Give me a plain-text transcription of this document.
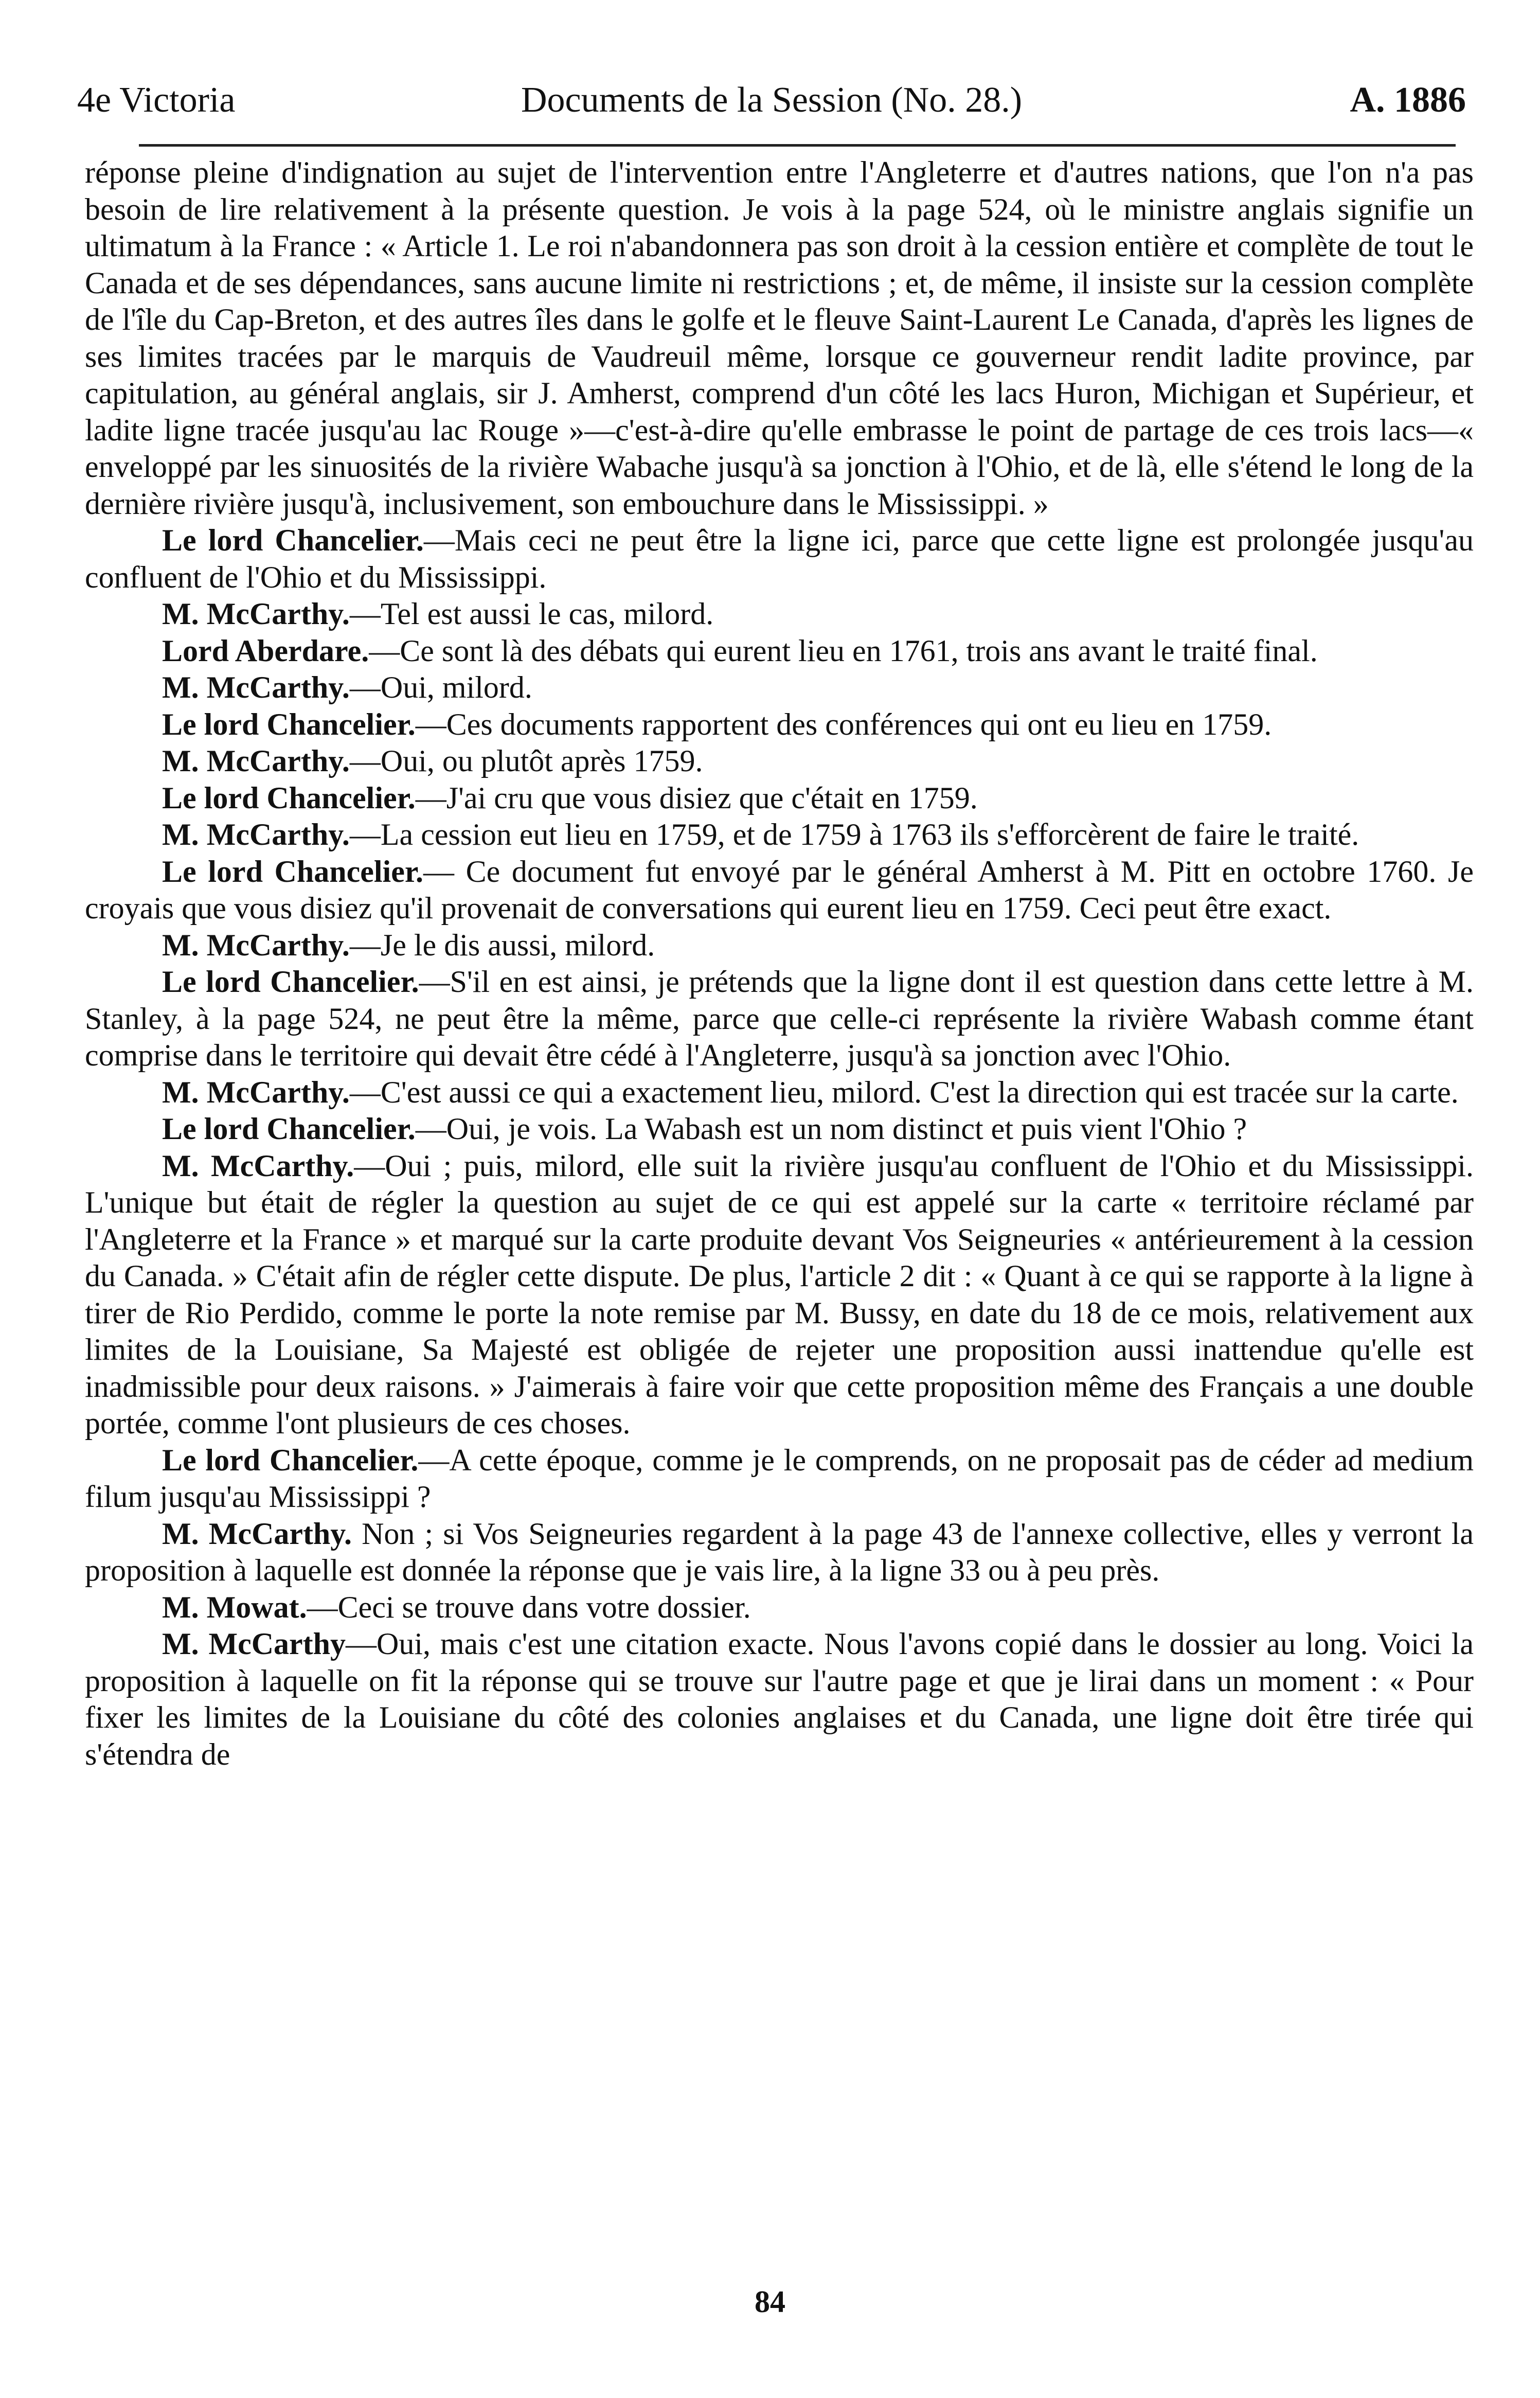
4e Victoria	Documents de la Session (No. 28.)	A. 1886

réponse pleine d'indignation au sujet de l'intervention entre l'Angleterre et d'autres nations, que l'on n'a pas besoin de lire relativement à la présente question. Je vois à la page 524, où le ministre anglais signifie un ultimatum à la France : « Article 1. Le roi n'abandonnera pas son droit à la cession entière et complète de tout le Canada et de ses dépendances, sans aucune limite ni restrictions ; et, de même, il insiste sur la cession complète de l'île du Cap-Breton, et des autres îles dans le golfe et le fleuve Saint-Laurent Le Canada, d'après les lignes de ses limites tracées par le marquis de Vaudreuil même, lorsque ce gouverneur rendit ladite province, par capitulation, au général anglais, sir J. Amherst, comprend d'un côté les lacs Huron, Michigan et Supérieur, et ladite ligne tracée jusqu'au lac Rouge »—c'est-à-dire qu'elle embrasse le point de partage de ces trois lacs—« enveloppé par les sinuosités de la rivière Wabache jusqu'à sa jonction à l'Ohio, et de là, elle s'étend le long de la dernière rivière jusqu'à, inclusivement, son embouchure dans le Mississippi. »

Le lord Chancelier.—Mais ceci ne peut être la ligne ici, parce que cette ligne est prolongée jusqu'au confluent de l'Ohio et du Mississippi.

M. McCarthy.—Tel est aussi le cas, milord.

Lord Aberdare.—Ce sont là des débats qui eurent lieu en 1761, trois ans avant le traité final.

M. McCarthy.—Oui, milord.

Le lord Chancelier.—Ces documents rapportent des conférences qui ont eu lieu en 1759.

M. McCarthy.—Oui, ou plutôt après 1759.

Le lord Chancelier.—J'ai cru que vous disiez que c'était en 1759.

M. McCarthy.—La cession eut lieu en 1759, et de 1759 à 1763 ils s'efforcèrent de faire le traité.

Le lord Chancelier.— Ce document fut envoyé par le général Amherst à M. Pitt en octobre 1760. Je croyais que vous disiez qu'il provenait de conversations qui eurent lieu en 1759. Ceci peut être exact.

M. McCarthy.—Je le dis aussi, milord.

Le lord Chancelier.—S'il en est ainsi, je prétends que la ligne dont il est question dans cette lettre à M. Stanley, à la page 524, ne peut être la même, parce que celle-ci représente la rivière Wabash comme étant comprise dans le territoire qui devait être cédé à l'Angleterre, jusqu'à sa jonction avec l'Ohio.

M. McCarthy.—C'est aussi ce qui a exactement lieu, milord. C'est la direction qui est tracée sur la carte.

Le lord Chancelier.—Oui, je vois. La Wabash est un nom distinct et puis vient l'Ohio ?

M. McCarthy.—Oui ; puis, milord, elle suit la rivière jusqu'au confluent de l'Ohio et du Mississippi. L'unique but était de régler la question au sujet de ce qui est appelé sur la carte « territoire réclamé par l'Angleterre et la France » et marqué sur la carte produite devant Vos Seigneuries « antérieurement à la cession du Canada. » C'était afin de régler cette dispute. De plus, l'article 2 dit : « Quant à ce qui se rapporte à la ligne à tirer de Rio Perdido, comme le porte la note remise par M. Bussy, en date du 18 de ce mois, relativement aux limites de la Louisiane, Sa Majesté est obligée de rejeter une proposition aussi inattendue qu'elle est inadmissible pour deux raisons. » J'aimerais à faire voir que cette proposition même des Français a une double portée, comme l'ont plusieurs de ces choses.

Le lord Chancelier.—A cette époque, comme je le comprends, on ne proposait pas de céder ad medium filum jusqu'au Mississippi ?

M. McCarthy. Non ; si Vos Seigneuries regardent à la page 43 de l'annexe collective, elles y verront la proposition à laquelle est donnée la réponse que je vais lire, à la ligne 33 ou à peu près.

M. Mowat.—Ceci se trouve dans votre dossier.

M. McCarthy—Oui, mais c'est une citation exacte. Nous l'avons copié dans le dossier au long. Voici la proposition à laquelle on fit la réponse qui se trouve sur l'autre page et que je lirai dans un moment : « Pour fixer les limites de la Louisiane du côté des colonies anglaises et du Canada, une ligne doit être tirée qui s'étendra de

84
